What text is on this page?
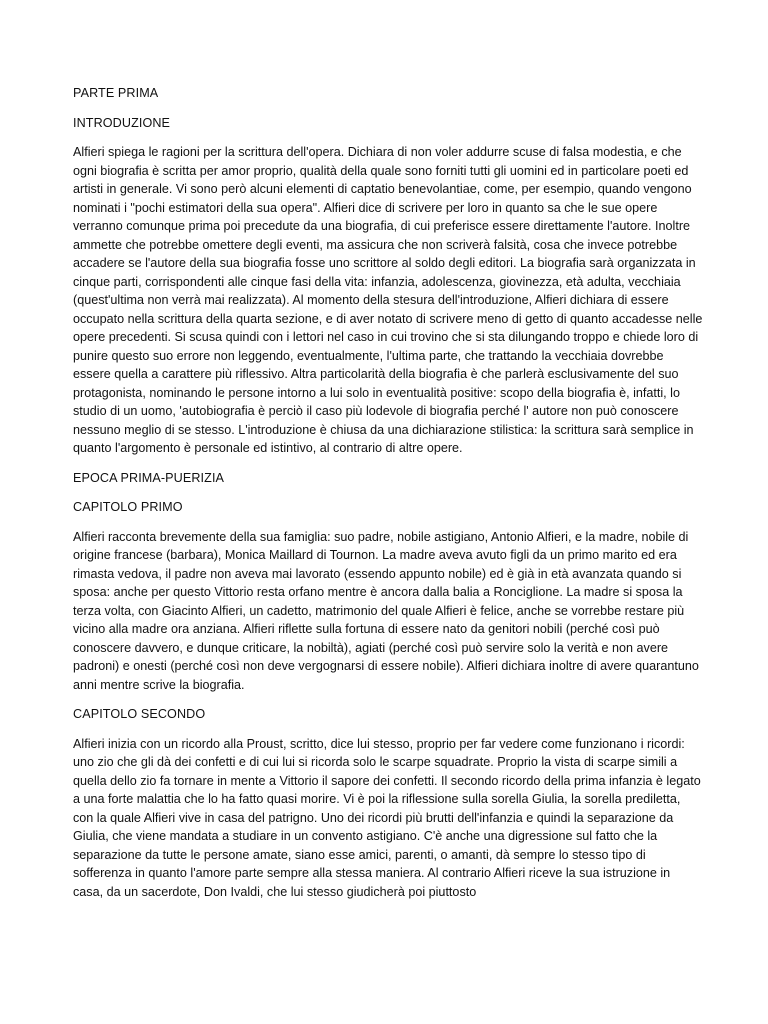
PARTE PRIMA
INTRODUZIONE
Alfieri spiega le ragioni per la scrittura dell'opera. Dichiara di non voler addurre scuse di falsa modestia, e che ogni biografia è scritta per amor proprio, qualità della quale sono forniti tutti gli uomini ed in particolare poeti ed artisti in generale. Vi sono però alcuni elementi di captatio benevolantiae, come, per esempio, quando vengono nominati i "pochi estimatori della sua opera". Alfieri dice di scrivere per loro in quanto sa che le sue opere verranno comunque prima poi precedute da una biografia, di cui preferisce essere direttamente l'autore. Inoltre ammette che potrebbe omettere degli eventi, ma assicura che non scriverà falsità, cosa che invece potrebbe accadere se l'autore della sua biografia fosse uno scrittore al soldo degli editori. La biografia sarà organizzata in cinque parti, corrispondenti alle cinque fasi della vita: infanzia, adolescenza, giovinezza, età adulta, vecchiaia (quest'ultima non verrà mai realizzata). Al momento della stesura dell'introduzione, Alfieri dichiara di essere occupato nella scrittura della quarta sezione, e di aver notato di scrivere meno di getto di quanto accadesse nelle opere precedenti. Si scusa quindi con i lettori nel caso in cui trovino che si sta dilungando troppo e chiede loro di punire questo suo errore non leggendo, eventualmente, l'ultima parte, che trattando la vecchiaia dovrebbe essere quella a carattere più riflessivo. Altra particolarità della biografia è che parlerà esclusivamente del suo protagonista, nominando le persone intorno a lui solo in eventualità positive: scopo della biografia è, infatti, lo studio di un uomo, 'autobiografia è perciò il caso più lodevole di biografia perché l' autore non può conoscere nessuno meglio di se stesso. L'introduzione è chiusa da una dichiarazione stilistica: la scrittura sarà semplice in quanto l'argomento è personale ed istintivo, al contrario di altre opere.
EPOCA PRIMA-PUERIZIA
CAPITOLO PRIMO
Alfieri racconta brevemente della sua famiglia: suo padre, nobile astigiano, Antonio Alfieri, e la madre, nobile di origine francese (barbara), Monica Maillard di Tournon. La madre aveva avuto figli da un primo marito ed era rimasta vedova, il padre non aveva mai lavorato (essendo appunto nobile) ed è già in età avanzata quando si sposa: anche per questo Vittorio resta orfano mentre è ancora dalla balia a Ronciglione. La madre si sposa la terza volta, con Giacinto Alfieri, un cadetto, matrimonio del quale Alfieri è felice, anche se vorrebbe restare più vicino alla madre ora anziana. Alfieri riflette sulla fortuna di essere nato da genitori nobili (perché così può conoscere davvero, e dunque criticare, la nobiltà), agiati (perché così può servire solo la verità e non avere padroni) e onesti (perché così non deve vergognarsi di essere nobile). Alfieri dichiara inoltre di avere quarantuno anni mentre scrive la biografia.
CAPITOLO SECONDO
Alfieri inizia con un ricordo alla Proust, scritto, dice lui stesso, proprio per far vedere come funzionano i ricordi: uno zio che gli dà dei confetti e di cui lui si ricorda solo le scarpe squadrate. Proprio la vista di scarpe simili a quella dello zio fa tornare in mente a Vittorio il sapore dei confetti. Il secondo ricordo della prima infanzia è legato a una forte malattia che lo ha fatto quasi morire. Vi è poi la riflessione sulla sorella Giulia, la sorella prediletta, con la quale Alfieri vive in casa del patrigno. Uno dei ricordi più brutti dell'infanzia e quindi la separazione da Giulia, che viene mandata a studiare in un convento astigiano. C'è anche una digressione sul fatto che la separazione da tutte le persone amate, siano esse amici, parenti, o amanti, dà sempre lo stesso tipo di sofferenza in quanto l'amore parte sempre alla stessa maniera. Al contrario Alfieri riceve la sua istruzione in casa, da un sacerdote, Don Ivaldi, che lui stesso giudicherà poi piuttosto
